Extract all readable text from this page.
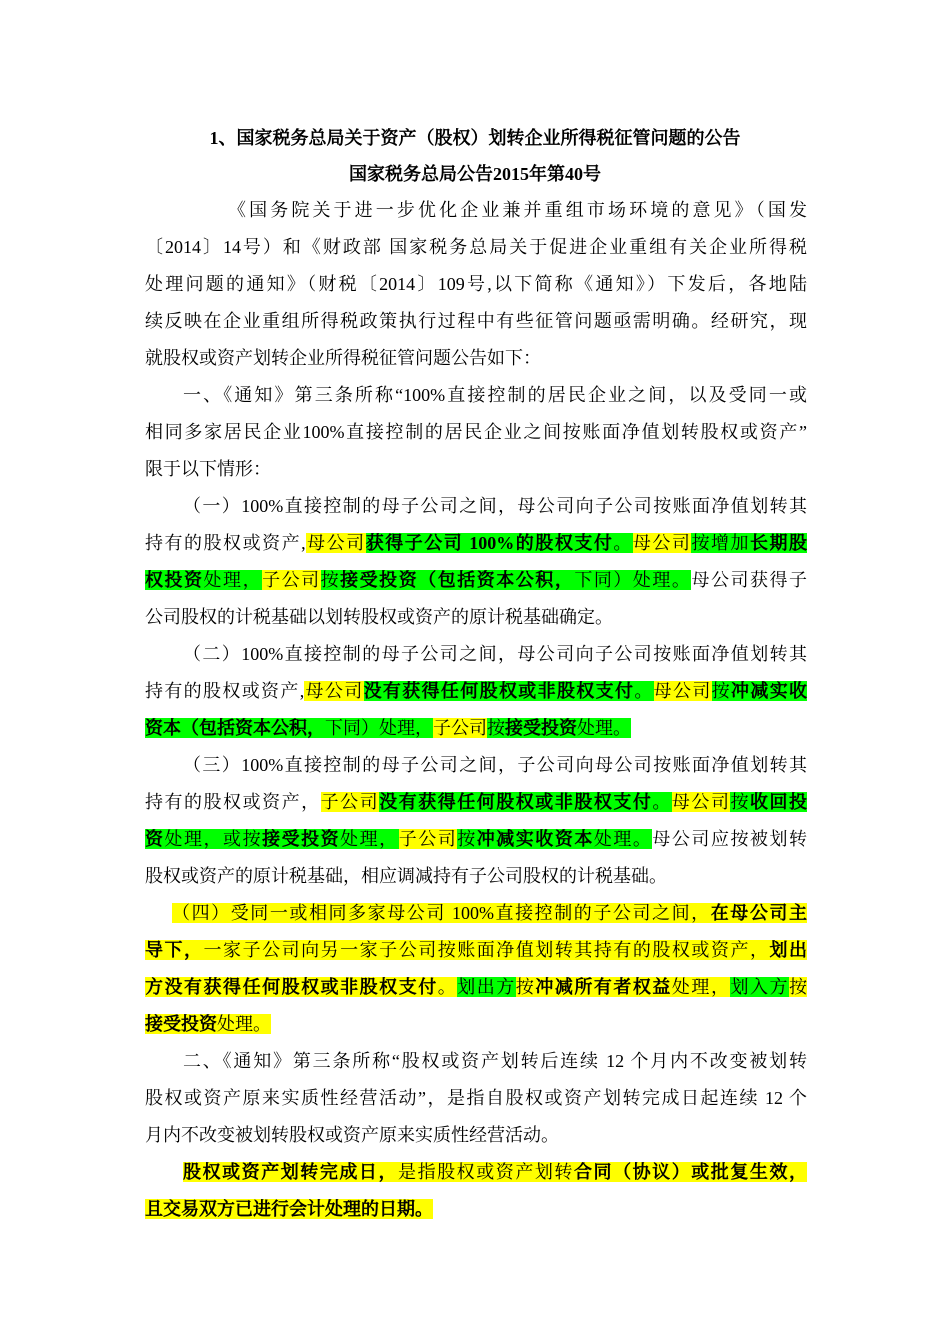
1、国家税务总局关于资产（股权）划转企业所得税征管问题的公告
国家税务总局公告2015年第40号
《国务院关于进一步优化企业兼并重组市场环境的意见》（国发
〔2014〕14号）和《财政部 国家税务总局关于促进企业重组有关企业所得税
处理问题的通知》（财税〔2014〕109号,以下简称《通知》）下发后，各地陆
续反映在企业重组所得税政策执行过程中有些征管问题亟需明确。经研究，现
就股权或资产划转企业所得税征管问题公告如下：
一、《通知》第三条所称“100%直接控制的居民企业之间，以及受同一或
相同多家居民企业100%直接控制的居民企业之间按账面净值划转股权或资产”
限于以下情形：
（一）100%直接控制的母子公司之间，母公司向子公司按账面净值划转其
持有的股权或资产,母公司获得子公司 100%的股权支付。母公司按增加长期股
权投资处理，子公司按接受投资（包括资本公积，下同）处理。母公司获得子
公司股权的计税基础以划转股权或资产的原计税基础确定。
（二）100%直接控制的母子公司之间，母公司向子公司按账面净值划转其
持有的股权或资产,母公司没有获得任何股权或非股权支付。母公司按冲减实收
资本（包括资本公积，下同）处理，子公司按接受投资处理。
（三）100%直接控制的母子公司之间，子公司向母公司按账面净值划转其
持有的股权或资产，子公司没有获得任何股权或非股权支付。母公司按收回投
资处理，或按接受投资处理，子公司按冲减实收资本处理。母公司应按被划转
股权或资产的原计税基础，相应调减持有子公司股权的计税基础。
（四）受同一或相同多家母公司 100%直接控制的子公司之间，在母公司主
导下，一家子公司向另一家子公司按账面净值划转其持有的股权或资产，划出
方没有获得任何股权或非股权支付。划出方按冲减所有者权益处理，划入方按
接受投资处理。
二、《通知》第三条所称“股权或资产划转后连续 12 个月内不改变被划转
股权或资产原来实质性经营活动”，是指自股权或资产划转完成日起连续 12 个
月内不改变被划转股权或资产原来实质性经营活动。
股权或资产划转完成日，是指股权或资产划转合同（协议）或批复生效，
且交易双方已进行会计处理的日期。
